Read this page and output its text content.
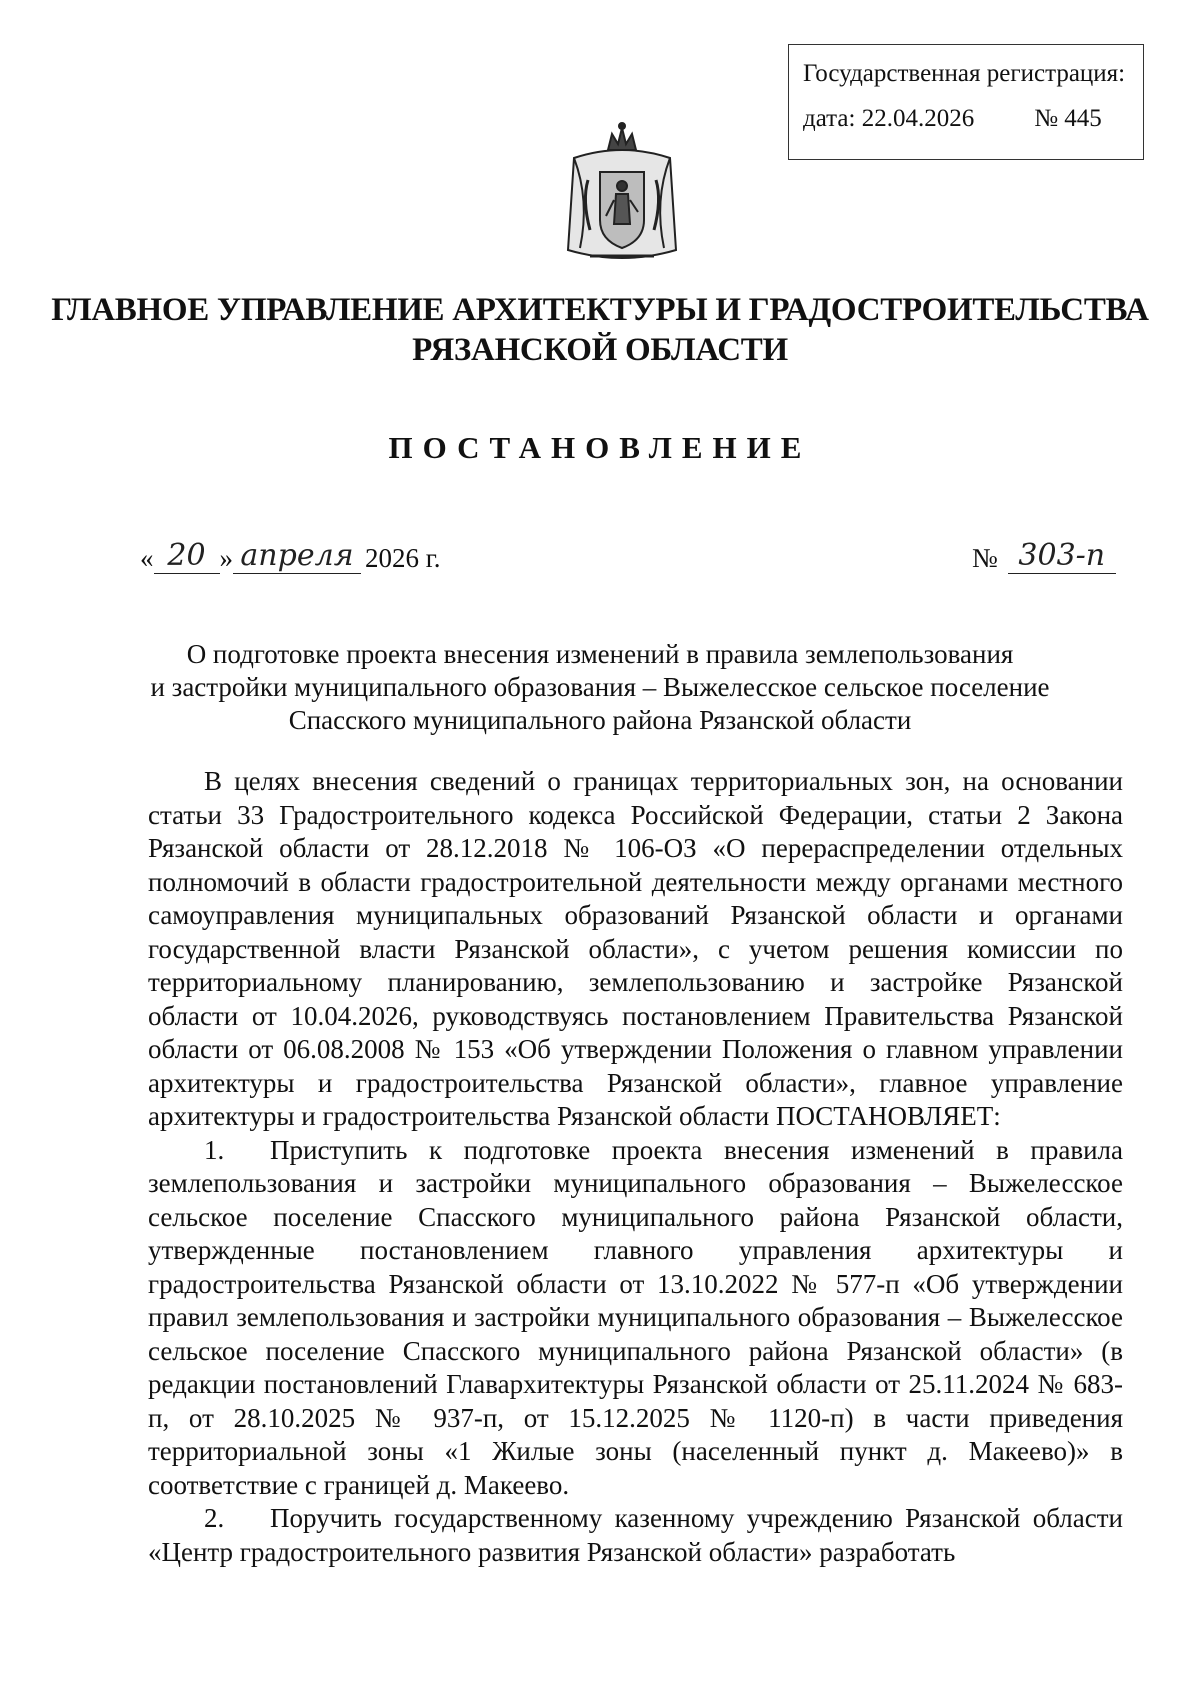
Государственная регистрация:
дата: 22.04.2026 № 445
ГЛАВНОЕ УПРАВЛЕНИЕ АРХИТЕКТУРЫ И ГРАДОСТРОИТЕЛЬСТВА
РЯЗАНСКОЙ ОБЛАСТИ
ПОСТАНОВЛЕНИЕ
« 20 » апреля 2026 г.	№ 303-п
О подготовке проекта внесения изменений в правила землепользования
и застройки муниципального образования – Выжелесское сельское поселение
Спасского муниципального района Рязанской области

В целях внесения сведений о границах территориальных зон, на основании статьи 33 Градостроительного кодекса Российской Федерации, статьи 2 Закона Рязанской области от 28.12.2018 № 106-ОЗ «О перераспределении отдельных полномочий в области градостроительной деятельности между органами местного самоуправления муниципальных образований Рязанской области и органами государственной власти Рязанской области», с учетом решения комиссии по территориальному планированию, землепользованию и застройке Рязанской области от 10.04.2026, руководствуясь постановлением Правительства Рязанской области от 06.08.2008 № 153 «Об утверждении Положения о главном управлении архитектуры и градостроительства Рязанской области», главное управление архитектуры и градостроительства Рязанской области ПОСТАНОВЛЯЕТ:

1. Приступить к подготовке проекта внесения изменений в правила землепользования и застройки муниципального образования – Выжелесское сельское поселение Спасского муниципального района Рязанской области, утвержденные постановлением главного управления архитектуры и градостроительства Рязанской области от 13.10.2022 № 577-п «Об утверждении правил землепользования и застройки муниципального образования – Выжелесское сельское поселение Спасского муниципального района Рязанской области» (в редакции постановлений Главархитектуры Рязанской области от 25.11.2024 № 683-п, от 28.10.2025 № 937-п, от 15.12.2025 № 1120-п) в части приведения территориальной зоны «1 Жилые зоны (населенный пункт д. Макеево)» в соответствие с границей д. Макеево.

2. Поручить государственному казенному учреждению Рязанской области «Центр градостроительного развития Рязанской области» разработать
